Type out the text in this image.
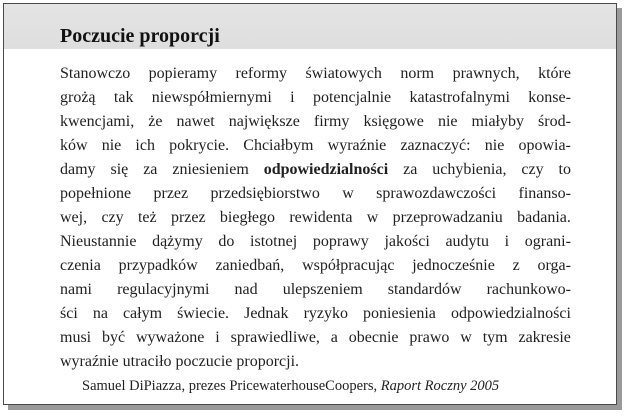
Poczucie proporcji
Stanowczo popieramy reformy światowych norm prawnych, które
grożą tak niewspółmiernymi i potencjalnie katastrofalnymi konse-
kwencjami, że nawet największe firmy księgowe nie miałyby środ-
ków nie ich pokrycie. Chciałbym wyraźnie zaznaczyć: nie opowia-
damy się za zniesieniem odpowiedzialności za uchybienia, czy to
popełnione przez przedsiębiorstwo w sprawozdawczości finanso-
wej, czy też przez biegłego rewidenta w przeprowadzaniu badania.
Nieustannie dążymy do istotnej poprawy jakości audytu i ograni-
czenia przypadków zaniedbań, współpracując jednocześnie z orga-
nami regulacyjnymi nad ulepszeniem standardów rachunkowo-
ści na całym świecie. Jednak ryzyko poniesienia odpowiedzialności
musi być wyważone i sprawiedliwe, a obecnie prawo w tym zakresie
wyraźnie utraciło poczucie proporcji.
Samuel DiPiazza, prezes PricewaterhouseCoopers, Raport Roczny 2005
